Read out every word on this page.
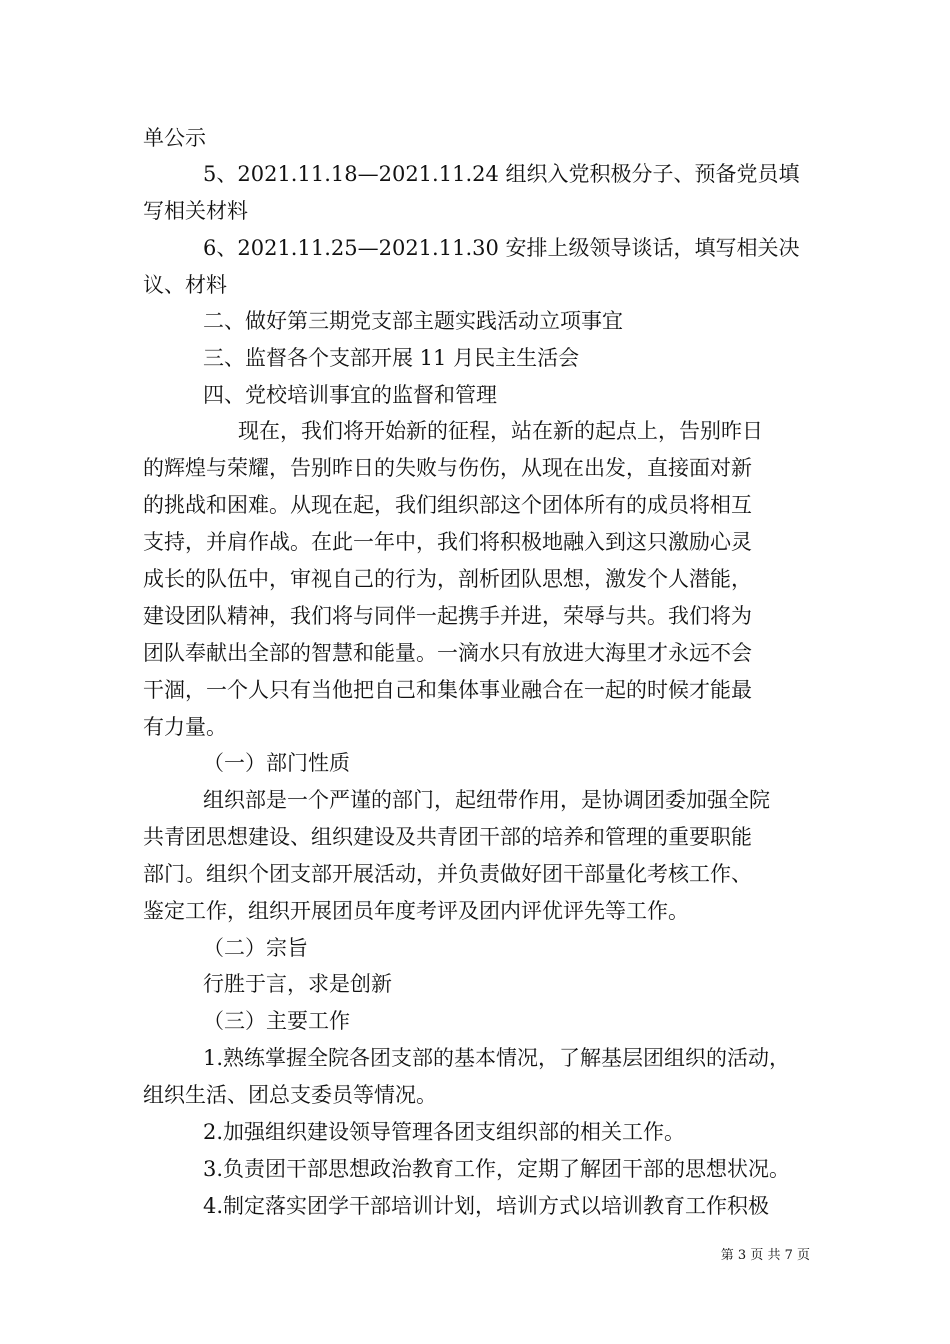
单公示
5、2021.11.18—2021.11.24 组织入党积极分子、预备党员填
写相关材料
6、2021.11.25—2021.11.30 安排上级领导谈话，填写相关决
议、材料
二、做好第三期党支部主题实践活动立项事宜
三、监督各个支部开展 11 月民主生活会
四、党校培训事宜的监督和管理
现在，我们将开始新的征程，站在新的起点上，告别昨日
的辉煌与荣耀，告别昨日的失败与伤伤，从现在出发，直接面对新
的挑战和困难。从现在起，我们组织部这个团体所有的成员将相互
支持，并肩作战。在此一年中，我们将积极地融入到这只激励心灵
成长的队伍中，审视自己的行为，剖析团队思想，激发个人潜能，
建设团队精神，我们将与同伴一起携手并进，荣辱与共。我们将为
团队奉献出全部的智慧和能量。一滴水只有放进大海里才永远不会
干涸，一个人只有当他把自己和集体事业融合在一起的时候才能最
有力量。
（一）部门性质
组织部是一个严谨的部门，起纽带作用，是协调团委加强全院
共青团思想建设、组织建设及共青团干部的培养和管理的重要职能
部门。组织个团支部开展活动，并负责做好团干部量化考核工作、
鉴定工作，组织开展团员年度考评及团内评优评先等工作。
（二）宗旨
行胜于言，求是创新
（三）主要工作
1.熟练掌握全院各团支部的基本情况，了解基层团组织的活动，
组织生活、团总支委员等情况。
2.加强组织建设领导管理各团支组织部的相关工作。
3.负责团干部思想政治教育工作，定期了解团干部的思想状况。
4.制定落实团学干部培训计划，培训方式以培训教育工作积极
第 3 页 共 7 页
